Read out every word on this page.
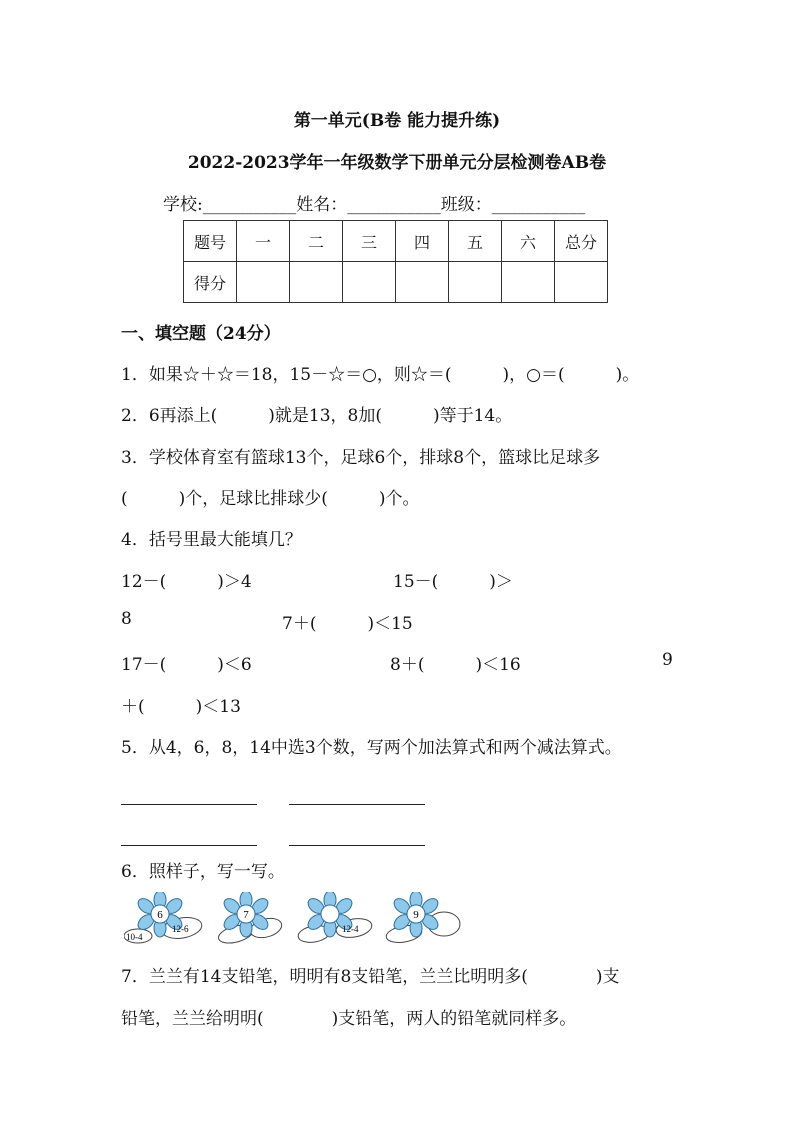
第一单元(B卷 能力提升练)
2022-2023学年一年级数学下册单元分层检测卷AB卷
学校:___________姓名：___________班级：___________
题号	一	二	三	四	五	六	总分
得分							
一、填空题（24分）
1．如果☆＋☆＝18，15－☆＝○，则☆＝(　　　)，○＝(　　　)。
2．6再添上(　　　)就是13，8加(　　　)等于14。
3．学校体育室有篮球13个，足球6个，排球8个，篮球比足球多
(　　　)个，足球比排球少(　　　)个。
4．括号里最大能填几？
12－(　　　)＞4	15－(　　　)＞
8	7＋(　　　)＜15
17－(　　　)＜6	8＋(　　　)＜16	9
＋(　　　)＜13
5．从4，6，8，14中选3个数，写两个加法算式和两个减法算式。
6．照样子，写一写。
6
10-4
12-6
7
12-4
9
7．兰兰有14支铅笔，明明有8支铅笔，兰兰比明明多(　　　　)支
铅笔，兰兰给明明(　　　　)支铅笔，两人的铅笔就同样多。
